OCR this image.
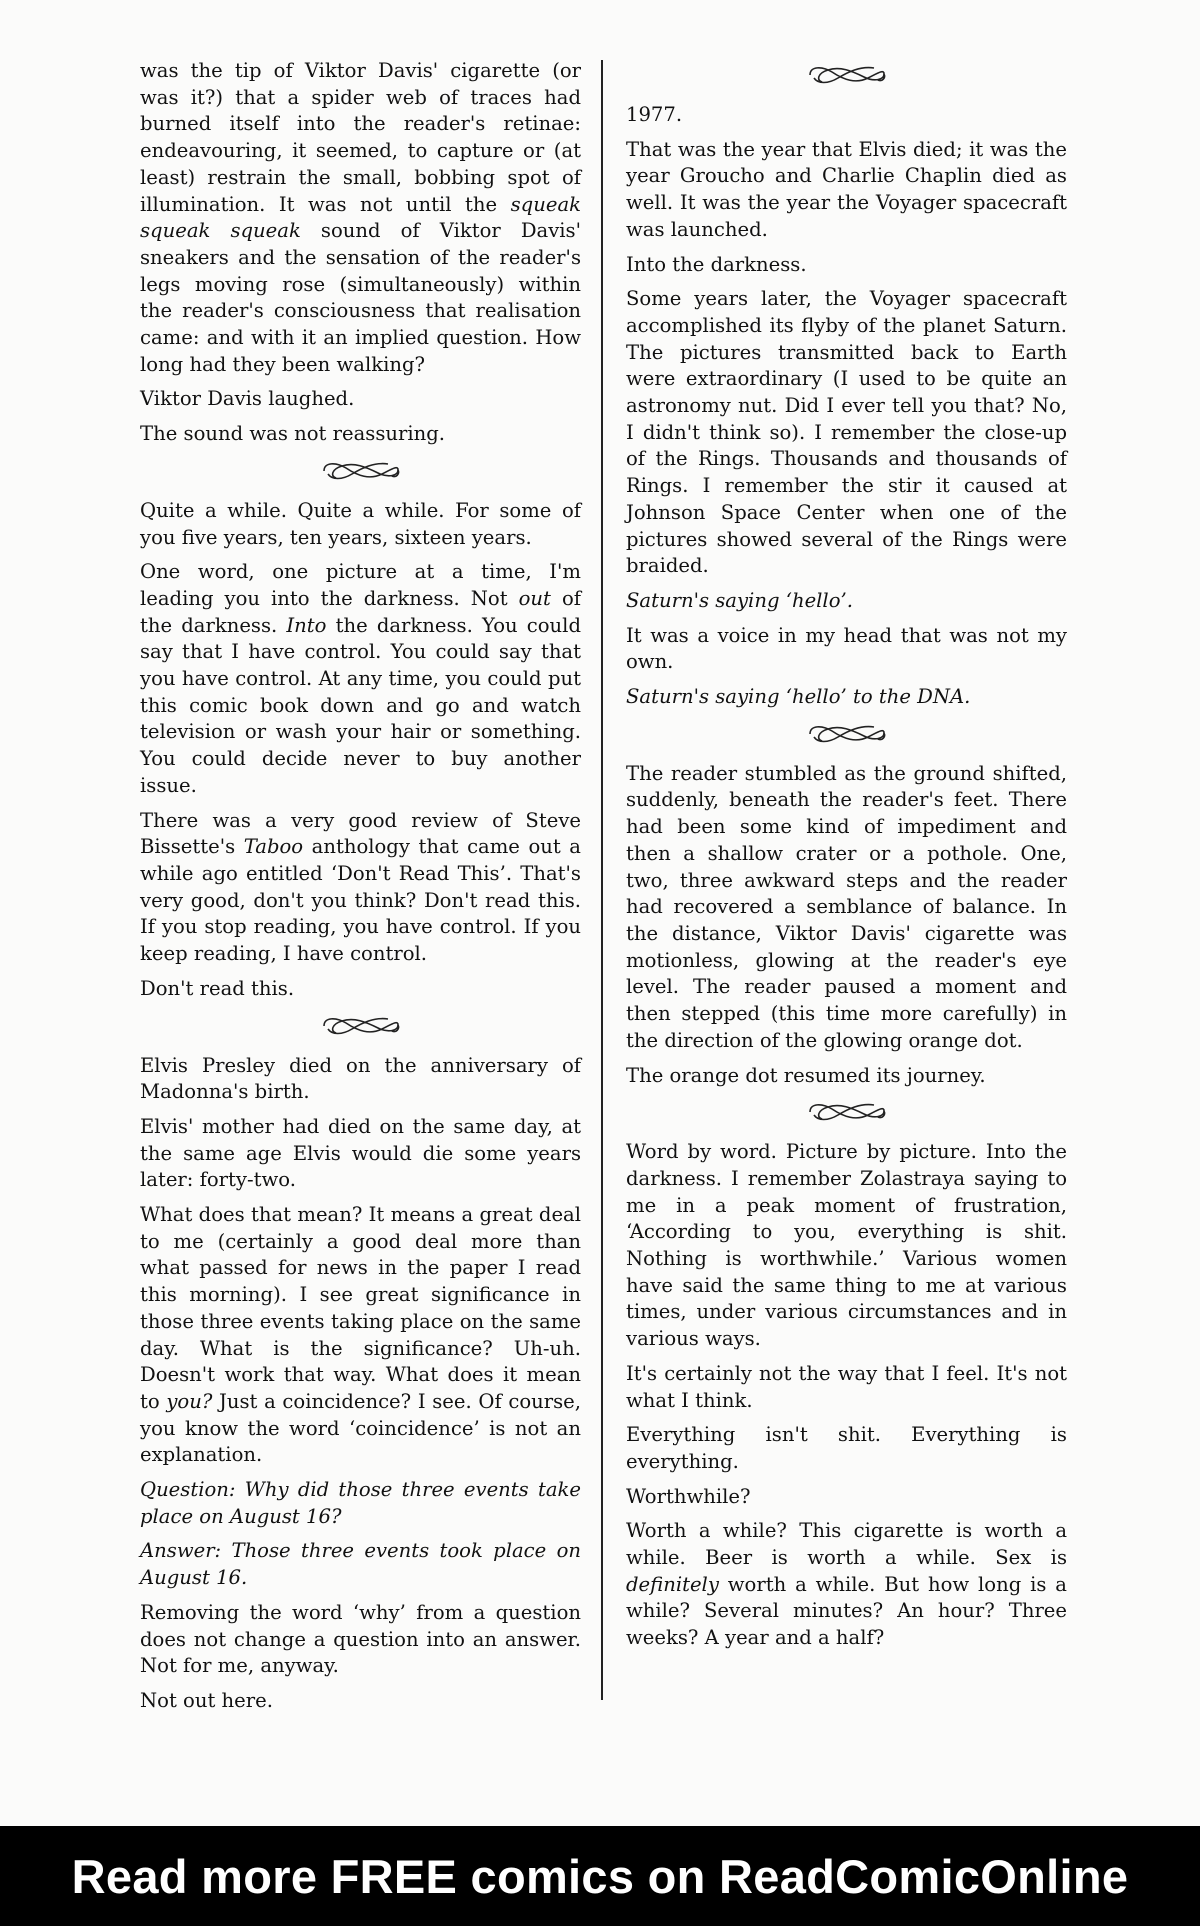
was the tip of Viktor Davis' cigarette (or was it?) that a spider web of traces had burned itself into the reader's retinae: endeavouring, it seemed, to capture or (at least) restrain the small, bobbing spot of illumination. It was not until the squeak squeak squeak sound of Viktor Davis' sneakers and the sensation of the reader's legs moving rose (simultaneously) within the reader's consciousness that realisation came: and with it an implied question. How long had they been walking?

Viktor Davis laughed.

The sound was not reassuring.

Quite a while. Quite a while. For some of you five years, ten years, sixteen years.

One word, one picture at a time, I'm leading you into the darkness. Not out of the darkness. Into the darkness. You could say that I have control. You could say that you have control. At any time, you could put this comic book down and go and watch television or wash your hair or something. You could decide never to buy another issue.

There was a very good review of Steve Bissette's Taboo anthology that came out a while ago entitled ‘Don't Read This’. That's very good, don't you think? Don't read this. If you stop reading, you have control. If you keep reading, I have control.

Don't read this.

Elvis Presley died on the anniversary of Madonna's birth.

Elvis' mother had died on the same day, at the same age Elvis would die some years later: forty-two.

What does that mean? It means a great deal to me (certainly a good deal more than what passed for news in the paper I read this morning). I see great significance in those three events taking place on the same day. What is the significance? Uh-uh. Doesn't work that way. What does it mean to you? Just a coincidence? I see. Of course, you know the word ‘coincidence’ is not an explanation.

Question: Why did those three events take place on August 16?

Answer: Those three events took place on August 16.

Removing the word ‘why’ from a question does not change a question into an answer. Not for me, anyway.

Not out here.

1977.

That was the year that Elvis died; it was the year Groucho and Charlie Chaplin died as well. It was the year the Voyager spacecraft was launched.

Into the darkness.

Some years later, the Voyager spacecraft accomplished its flyby of the planet Saturn. The pictures transmitted back to Earth were extraordinary (I used to be quite an astronomy nut. Did I ever tell you that? No, I didn't think so). I remember the close-up of the Rings. Thousands and thousands of Rings. I remember the stir it caused at Johnson Space Center when one of the pictures showed several of the Rings were braided.

Saturn's saying ‘hello’.

It was a voice in my head that was not my own.

Saturn's saying ‘hello’ to the DNA.

The reader stumbled as the ground shifted, suddenly, beneath the reader's feet. There had been some kind of impediment and then a shallow crater or a pothole. One, two, three awkward steps and the reader had recovered a semblance of balance. In the distance, Viktor Davis' cigarette was motionless, glowing at the reader's eye level. The reader paused a moment and then stepped (this time more carefully) in the direction of the glowing orange dot.

The orange dot resumed its journey.

Word by word. Picture by picture. Into the darkness. I remember Zolastraya saying to me in a peak moment of frustration, ‘According to you, everything is shit. Nothing is worthwhile.’ Various women have said the same thing to me at various times, under various circumstances and in various ways.

It's certainly not the way that I feel. It's not what I think.

Everything isn't shit. Everything is everything.

Worthwhile?

Worth a while? This cigarette is worth a while. Beer is worth a while. Sex is definitely worth a while. But how long is a while? Several minutes? An hour? Three weeks? A year and a half?

Read more FREE comics on ReadComicOnline
